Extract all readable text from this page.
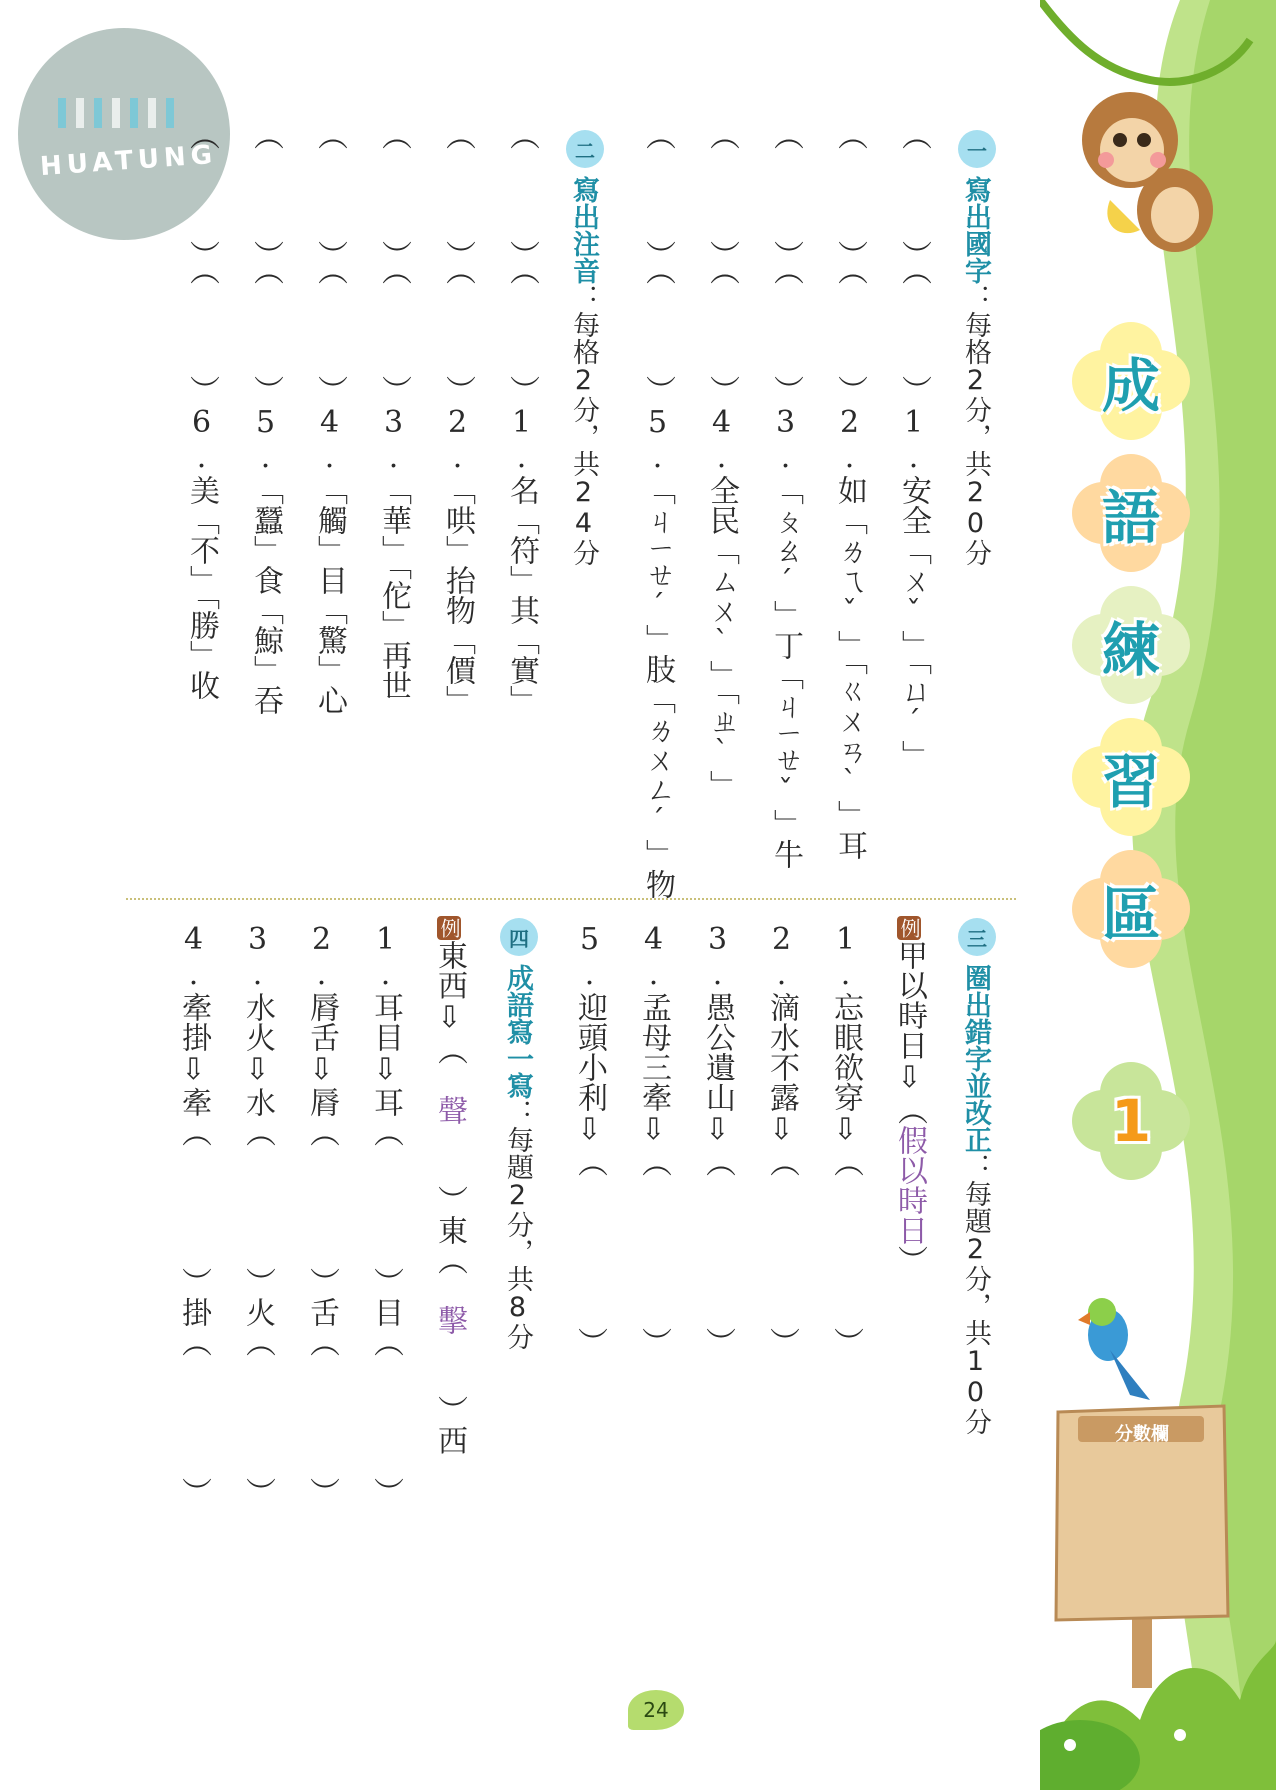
HUATUNG
成
語
練
習
區
1
分數欄
一
寫出國字：每格2分，共20分
（　　　）（　　　）1.安全「ㄨˇ」「ㄩˊ」
（　　　）（　　　）2.如「ㄌㄟˇ」「ㄍㄨㄢˋ」耳
（　　　）（　　　）3.「ㄆㄠˊ」丁「ㄐㄧㄝˇ」牛
（　　　）（　　　）4.全民「ㄙㄨˋ」「ㄓˋ」
（　　　）（　　　）5.「ㄐㄧㄝˊ」肢「ㄌㄨㄥˊ」物
二
寫出注音：每格2分，共24分
（　　　）（　　　）1.名「符」其「實」
（　　　）（　　　）2.「哄」抬物「價」
（　　　）（　　　）3.「華」「佗」再世
（　　　）（　　　）4.「觸」目「驚」心
（　　　）（　　　）5.「蠶」食「鯨」吞
（　　　）（　　　）6.美「不」「勝」收
三
圈出錯字並改正：每題2分，共10分
例甲以時日⇩（假以時日）
1.忘眼欲穿⇩（　　　　　）
2.滴水不露⇩（　　　　　）
3.愚公遺山⇩（　　　　　）
4.孟母三牽⇩（　　　　　）
5.迎頭小利⇩（　　　　　）
四
成語寫一寫：每題2分，共8分
例東西⇩（　聲　　）東（　擊　　）西
1.耳目⇩耳（　　　　）目（　　　　）
2.脣舌⇩脣（　　　　）舌（　　　　）
3.水火⇩水（　　　　）火（　　　　）
4.牽掛⇩牽（　　　　）掛（　　　　）
24
